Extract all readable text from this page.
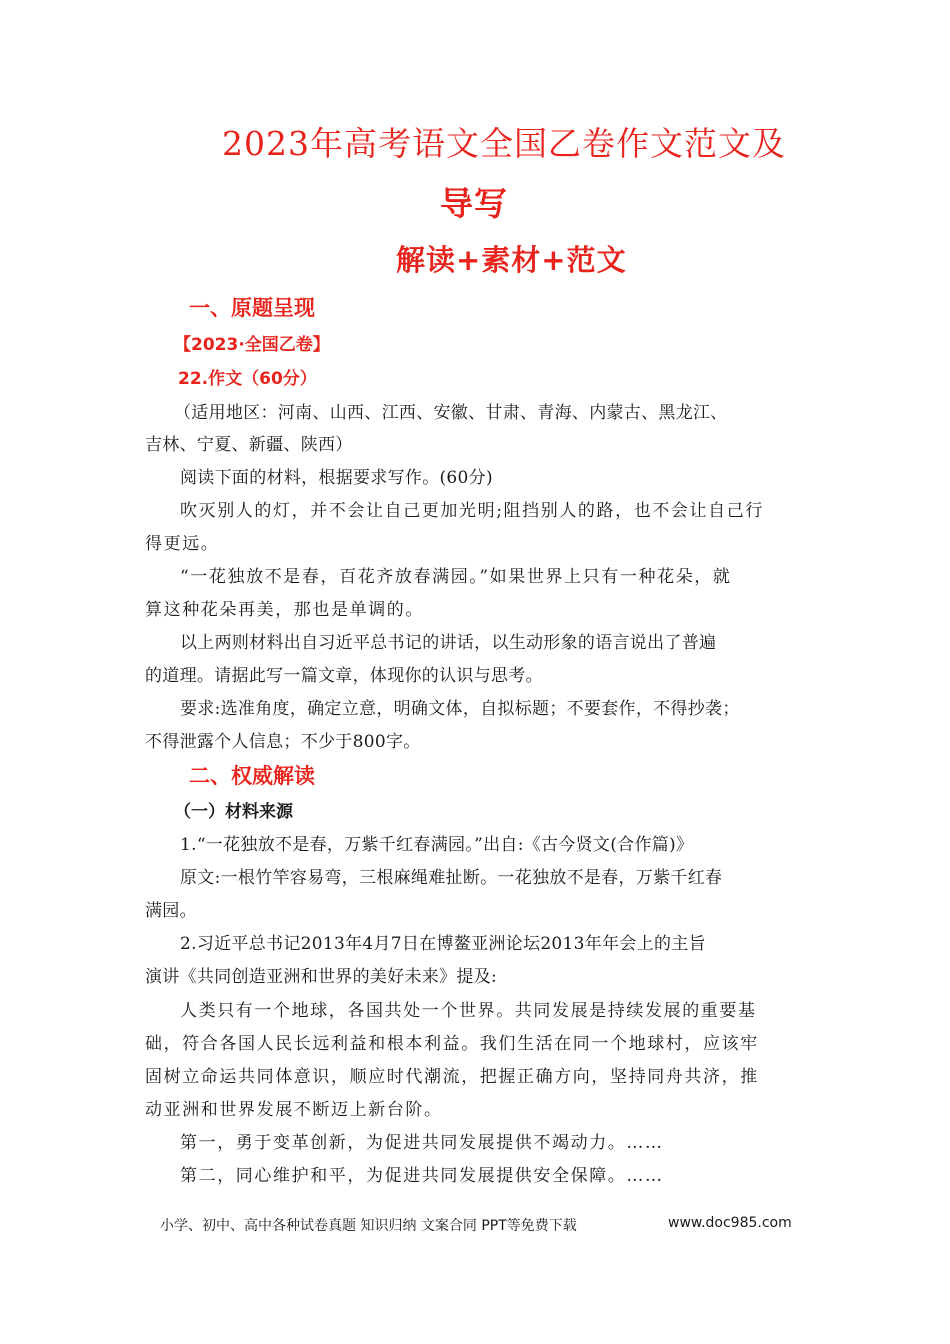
2023年高考语文全国乙卷作文范文及
导写
解读+素材+范文
一、原题呈现
【2023·全国乙卷】
22.作文（60分）
（适用地区：河南、山西、江西、安徽、甘肃、青海、内蒙古、黑龙江、
吉林、宁夏、新疆、陕西）
阅读下面的材料，根据要求写作。(60分)
吹灭别人的灯，并不会让自己更加光明;阻挡别人的路，也不会让自己行
得更远。
“一花独放不是春，百花齐放春满园。”如果世界上只有一种花朵，就
算这种花朵再美，那也是单调的。
以上两则材料出自习近平总书记的讲话，以生动形象的语言说出了普遍
的道理。请据此写一篇文章，体现你的认识与思考。
要求:选准角度，确定立意，明确文体，自拟标题；不要套作，不得抄袭；
不得泄露个人信息；不少于800字。
二、权威解读
（一）材料来源
1.“一花独放不是春，万紫千红春满园。”出自:《古今贤文(合作篇)》
原文:一根竹竿容易弯，三根麻绳难扯断。一花独放不是春，万紫千红春
满园。
2.习近平总书记2013年4月7日在博鳌亚洲论坛2013年年会上的主旨
演讲《共同创造亚洲和世界的美好未来》提及:
人类只有一个地球，各国共处一个世界。共同发展是持续发展的重要基
础，符合各国人民长远利益和根本利益。我们生活在同一个地球村，应该牢
固树立命运共同体意识，顺应时代潮流，把握正确方向，坚持同舟共济，推
动亚洲和世界发展不断迈上新台阶。
第一，勇于变革创新，为促进共同发展提供不竭动力。……
第二，同心维护和平，为促进共同发展提供安全保障。……
小学、初中、高中各种试卷真题 知识归纳 文案合同 PPT等免费下载	www.doc985.com
